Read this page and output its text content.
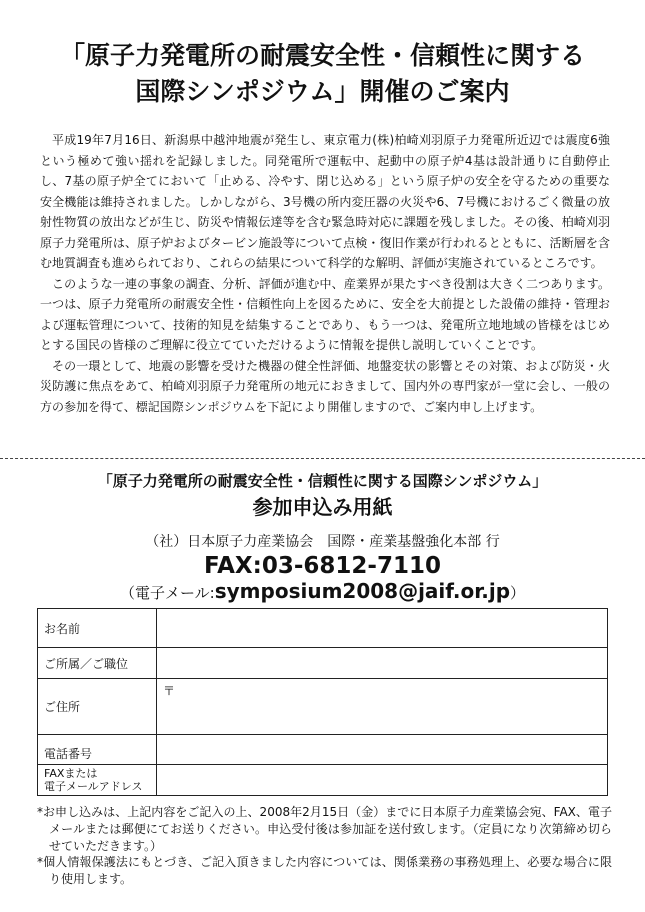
「原子力発電所の耐震安全性・信頼性に関する
国際シンポジウム」開催のご案内

平成19年7月16日、新潟県中越沖地震が発生し、東京電力(株)柏崎刈羽原子力発電所近辺では震度6強という極めて強い揺れを記録しました。同発電所で運転中、起動中の原子炉4基は設計通りに自動停止し、7基の原子炉全てにおいて「止める、冷やす、閉じ込める」という原子炉の安全を守るための重要な安全機能は維持されました。しかしながら、3号機の所内変圧器の火災や6、7号機におけるごく微量の放射性物質の放出などが生じ、防災や情報伝達等を含む緊急時対応に課題を残しました。その後、柏崎刈羽原子力発電所は、原子炉およびタービン施設等について点検・復旧作業が行われるとともに、活断層を含む地質調査も進められており、これらの結果について科学的な解明、評価が実施されているところです。

このような一連の事象の調査、分析、評価が進む中、産業界が果たすべき役割は大きく二つあります。一つは、原子力発電所の耐震安全性・信頼性向上を図るために、安全を大前提とした設備の維持・管理および運転管理について、技術的知見を結集することであり、もう一つは、発電所立地地域の皆様をはじめとする国民の皆様のご理解に役立てていただけるように情報を提供し説明していくことです。

その一環として、地震の影響を受けた機器の健全性評価、地盤変状の影響とその対策、および防災・火災防護に焦点をあて、柏崎刈羽原子力発電所の地元におきまして、国内外の専門家が一堂に会し、一般の方の参加を得て、標記国際シンポジウムを下記により開催しますので、ご案内申し上げます。

「原子力発電所の耐震安全性・信頼性に関する国際シンポジウム」
参加申込み用紙
（社）日本原子力産業協会　国際・産業基盤強化本部 行
FAX:03-6812-7110
（電子メール:symposium2008@jaif.or.jp）
お名前	
ご所属／ご職位	
ご住所	〒
電話番号	

FAXまたは
電子メールアドレス	

*お申し込みは、上記内容をご記入の上、2008年2月15日（金）までに日本原子力産業協会宛、FAX、電子メールまたは郵便にてお送りください。申込受付後は参加証を送付致します。（定員になり次第締め切らせていただきます。）

*個人情報保護法にもとづき、ご記入頂きました内容については、関係業務の事務処理上、必要な場合に限り使用します。
